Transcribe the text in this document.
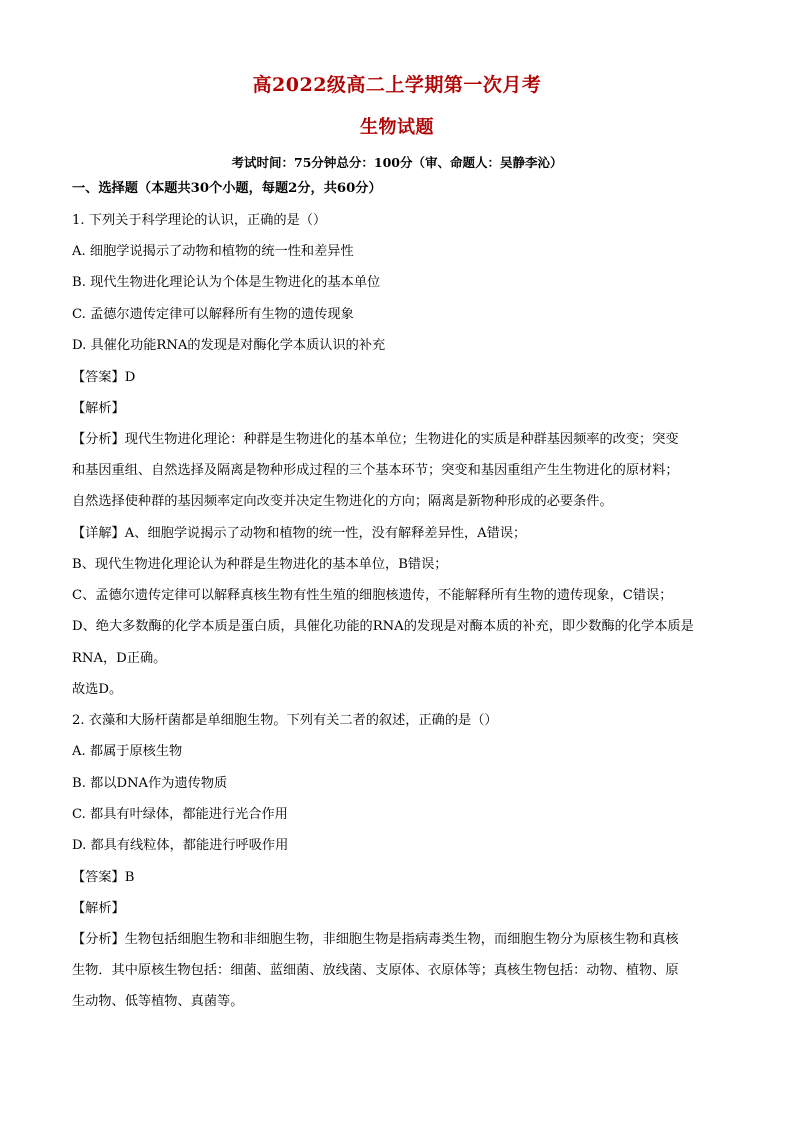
高2022级高二上学期第一次月考
生物试题
考试时间：75分钟总分：100分（审、命题人：吴静李沁）
一、选择题（本题共30个小题，每题2分，共60分）
1. 下列关于科学理论的认识，正确的是（）
A. 细胞学说揭示了动物和植物的统一性和差异性
B. 现代生物进化理论认为个体是生物进化的基本单位
C. 孟德尔遗传定律可以解释所有生物的遗传现象
D. 具催化功能RNA的发现是对酶化学本质认识的补充
【答案】D
【解析】
【分析】现代生物进化理论：种群是生物进化的基本单位；生物进化的实质是种群基因频率的改变；突变
和基因重组、自然选择及隔离是物种形成过程的三个基本环节；突变和基因重组产生生物进化的原材料；
自然选择使种群的基因频率定向改变并决定生物进化的方向；隔离是新物种形成的必要条件。
【详解】A、细胞学说揭示了动物和植物的统一性，没有解释差异性，A错误；
B、现代生物进化理论认为种群是生物进化的基本单位，B错误；
C、孟德尔遗传定律可以解释真核生物有性生殖的细胞核遗传，不能解释所有生物的遗传现象，C错误；
D、绝大多数酶的化学本质是蛋白质，具催化功能的RNA的发现是对酶本质的补充，即少数酶的化学本质是
RNA，D正确。
故选D。
2. 衣藻和大肠杆菌都是单细胞生物。下列有关二者的叙述，正确的是（）
A. 都属于原核生物
B. 都以DNA作为遗传物质
C. 都具有叶绿体，都能进行光合作用
D. 都具有线粒体，都能进行呼吸作用
【答案】B
【解析】
【分析】生物包括细胞生物和非细胞生物，非细胞生物是指病毒类生物，而细胞生物分为原核生物和真核
生物．其中原核生物包括：细菌、蓝细菌、放线菌、支原体、衣原体等；真核生物包括：动物、植物、原
生动物、低等植物、真菌等。
